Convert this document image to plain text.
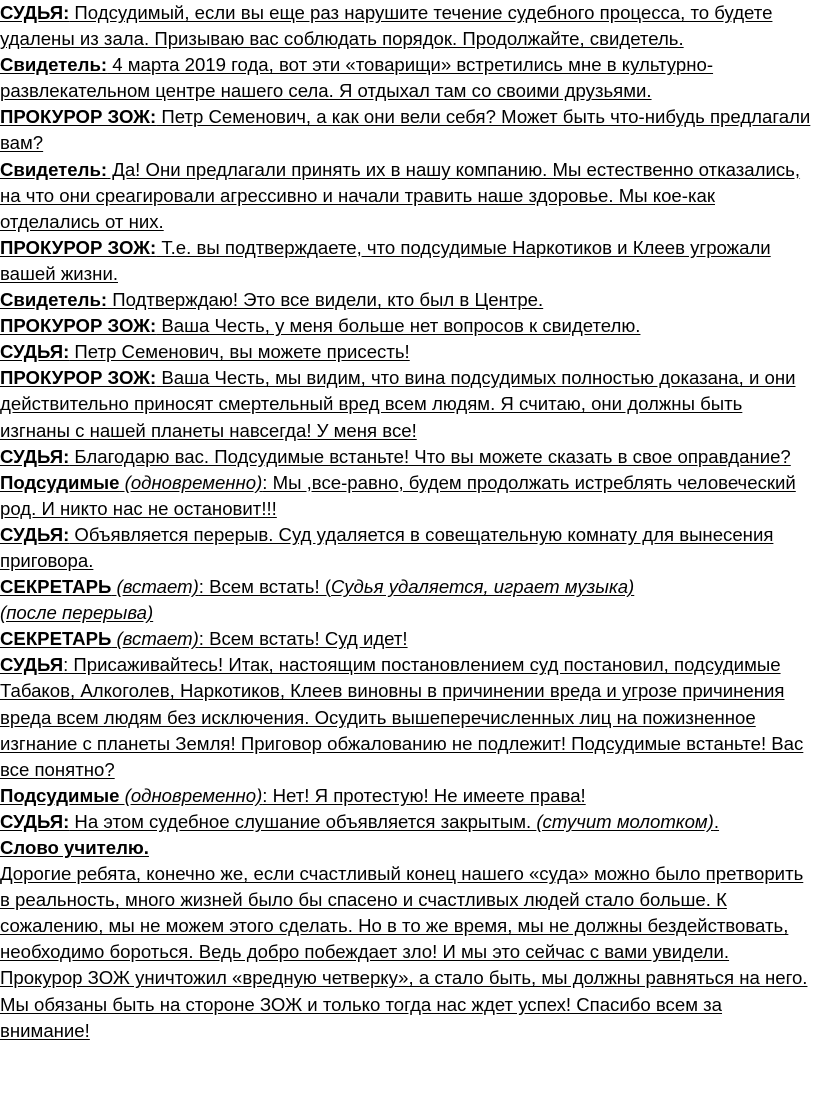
СУДЬЯ: Подсудимый, если вы еще раз нарушите течение судебного процесса, то будете удалены из зала. Призываю вас соблюдать порядок. Продолжайте, свидетель.

Свидетель: 4 марта 2019 года, вот эти «товарищи» встретились мне в культурно-развлекательном центре нашего села. Я отдыхал там со своими друзьями.

ПРОКУРОР ЗОЖ: Петр Семенович, а как они вели себя? Может быть что-нибудь предлагали вам?

Свидетель: Да! Они предлагали принять их в нашу компанию. Мы естественно отказались, на что они среагировали агрессивно и начали травить наше здоровье. Мы кое-как отделались от них.

ПРОКУРОР ЗОЖ: Т.е. вы подтверждаете, что подсудимые Наркотиков и Клеев угрожали вашей жизни.

Свидетель: Подтверждаю! Это все видели, кто был в Центре.

ПРОКУРОР ЗОЖ: Ваша Честь, у меня больше нет вопросов к свидетелю.

СУДЬЯ: Петр Семенович, вы можете присесть!

ПРОКУРОР ЗОЖ: Ваша Честь, мы видим, что вина подсудимых полностью доказана, и они действительно приносят смертельный вред всем людям. Я считаю, они должны быть изгнаны с нашей планеты навсегда! У меня все!

СУДЬЯ: Благодарю вас. Подсудимые встаньте! Что вы можете сказать в свое оправдание?

Подсудимые (одновременно): Мы ,все-равно, будем продолжать истреблять человеческий род. И никто нас не остановит!!!

СУДЬЯ: Объявляется перерыв. Суд удаляется в совещательную комнату для вынесения приговора.

СЕКРЕТАРЬ (встает): Всем встать! (Судья удаляется, играет музыка)

(после перерыва)

СЕКРЕТАРЬ (встает): Всем встать! Суд идет!

СУДЬЯ: Присаживайтесь! Итак, настоящим постановлением суд постановил, подсудимые Табаков, Алкоголев, Наркотиков, Клеев виновны в причинении вреда и угрозе причинения вреда всем людям без исключения. Осудить вышеперечисленных лиц на пожизненное изгнание с планеты Земля! Приговор обжалованию не подлежит! Подсудимые встаньте! Вас все понятно?

Подсудимые (одновременно): Нет! Я протестую! Не имеете права!

СУДЬЯ: На этом судебное слушание объявляется закрытым. (стучит молотком).

Слово учителю.

Дорогие ребята, конечно же, если счастливый конец нашего «суда» можно было претворить в реальность, много жизней было бы спасено и счастливых людей стало больше. К сожалению, мы не можем этого сделать. Но в то же время, мы не должны бездействовать, необходимо бороться. Ведь добро побеждает зло! И мы это сейчас с вами увидели. Прокурор ЗОЖ уничтожил «вредную четверку», а стало быть, мы должны равняться на него. Мы обязаны быть на стороне ЗОЖ и только тогда нас ждет успех! Спасибо всем за внимание!
